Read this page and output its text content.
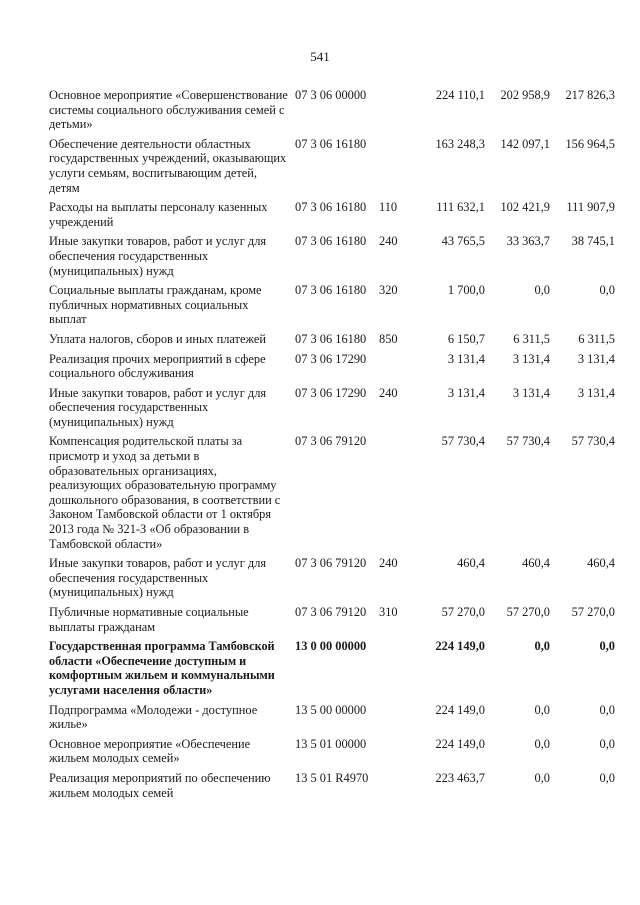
541
Основное мероприятие «Совершенствование системы социального обслуживания семей с детьми»	07 3 06 00000		224 110,1	202 958,9	217 826,3
Обеспечение деятельности областных государственных учреждений, оказывающих услуги семьям, воспитывающим детей, детям	07 3 06 16180		163 248,3	142 097,1	156 964,5
Расходы на выплаты персоналу казенных учреждений	07 3 06 16180	110	111 632,1	102 421,9	111 907,9
Иные закупки товаров, работ и услуг для обеспечения государственных (муниципальных) нужд	07 3 06 16180	240	43 765,5	33 363,7	38 745,1
Социальные выплаты гражданам, кроме публичных нормативных социальных выплат	07 3 06 16180	320	1 700,0	0,0	0,0
Уплата налогов, сборов и иных платежей	07 3 06 16180	850	6 150,7	6 311,5	6 311,5
Реализация прочих мероприятий в сфере социального обслуживания	07 3 06 17290		3 131,4	3 131,4	3 131,4
Иные закупки товаров, работ и услуг для обеспечения государственных (муниципальных) нужд	07 3 06 17290	240	3 131,4	3 131,4	3 131,4
Компенсация родительской платы за присмотр и уход за детьми в образовательных организациях, реализующих образовательную программу дошкольного образования, в соответствии с Законом Тамбовской области от 1 октября 2013 года № 321-З «Об образовании в Тамбовской области»	07 3 06 79120		57 730,4	57 730,4	57 730,4
Иные закупки товаров, работ и услуг для обеспечения государственных (муниципальных) нужд	07 3 06 79120	240	460,4	460,4	460,4
Публичные нормативные социальные выплаты гражданам	07 3 06 79120	310	57 270,0	57 270,0	57 270,0
Государственная программа Тамбовской области «Обеспечение доступным и комфортным жильем и коммунальными услугами населения области»	13 0 00 00000		224 149,0	0,0	0,0
Подпрограмма «Молодежи - доступное жилье»	13 5 00 00000		224 149,0	0,0	0,0
Основное мероприятие «Обеспечение жильем молодых семей»	13 5 01 00000		224 149,0	0,0	0,0
Реализация мероприятий по обеспечению жильем молодых семей	13 5 01 R4970		223 463,7	0,0	0,0
